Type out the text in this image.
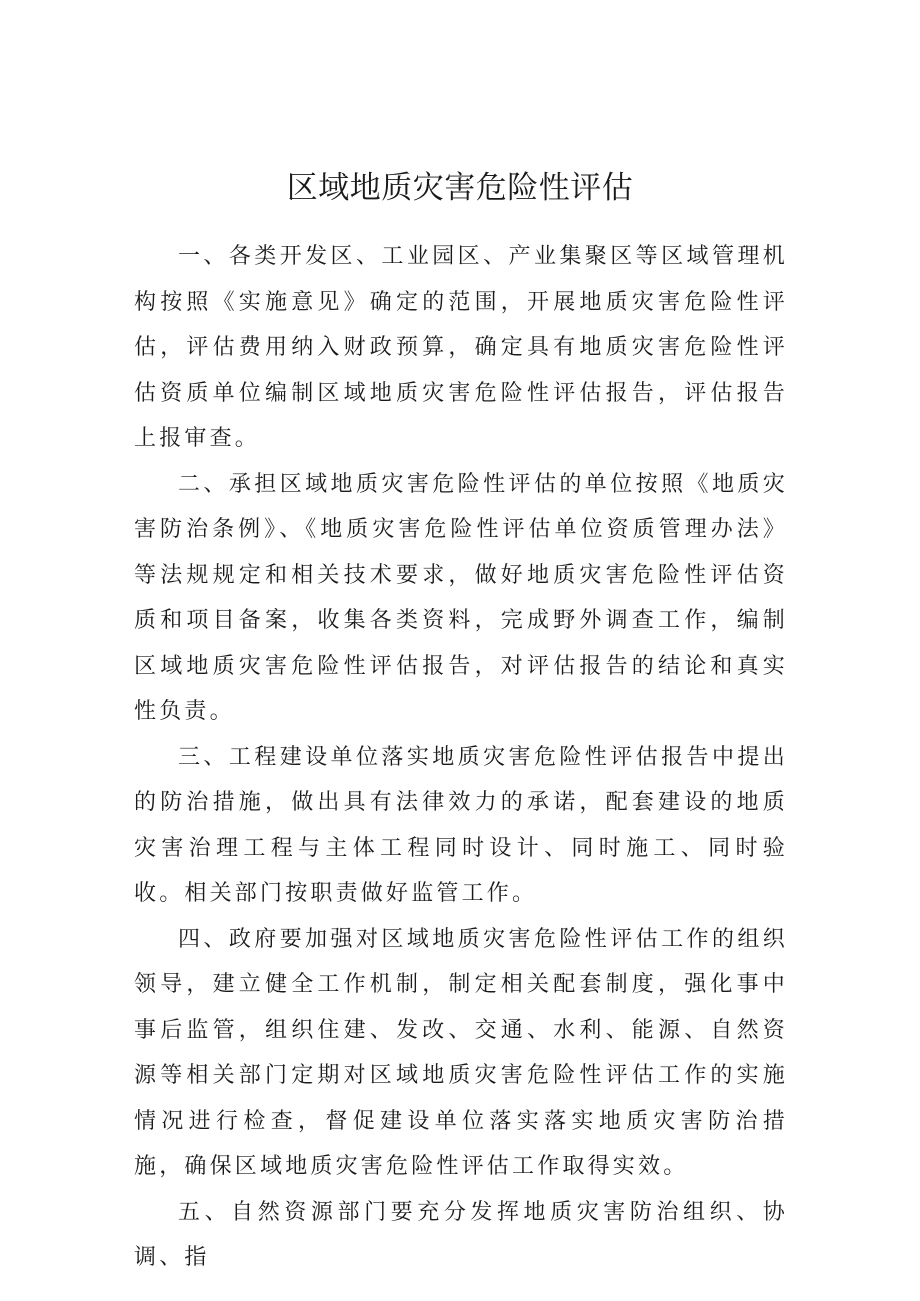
区域地质灾害危险性评估

一、各类开发区、工业园区、产业集聚区等区域管理机构按照《实施意见》确定的范围，开展地质灾害危险性评估，评估费用纳入财政预算，确定具有地质灾害危险性评估资质单位编制区域地质灾害危险性评估报告，评估报告上报审查。

二、承担区域地质灾害危险性评估的单位按照《地质灾害防治条例》、《地质灾害危险性评估单位资质管理办法》等法规规定和相关技术要求，做好地质灾害危险性评估资质和项目备案，收集各类资料，完成野外调查工作，编制区域地质灾害危险性评估报告，对评估报告的结论和真实性负责。

三、工程建设单位落实地质灾害危险性评估报告中提出的防治措施，做出具有法律效力的承诺，配套建设的地质灾害治理工程与主体工程同时设计、同时施工、同时验收。相关部门按职责做好监管工作。

四、政府要加强对区域地质灾害危险性评估工作的组织领导，建立健全工作机制，制定相关配套制度，强化事中事后监管，组织住建、发改、交通、水利、能源、自然资源等相关部门定期对区域地质灾害危险性评估工作的实施情况进行检查，督促建设单位落实落实地质灾害防治措施，确保区域地质灾害危险性评估工作取得实效。

五、自然资源部门要充分发挥地质灾害防治组织、协调、指
